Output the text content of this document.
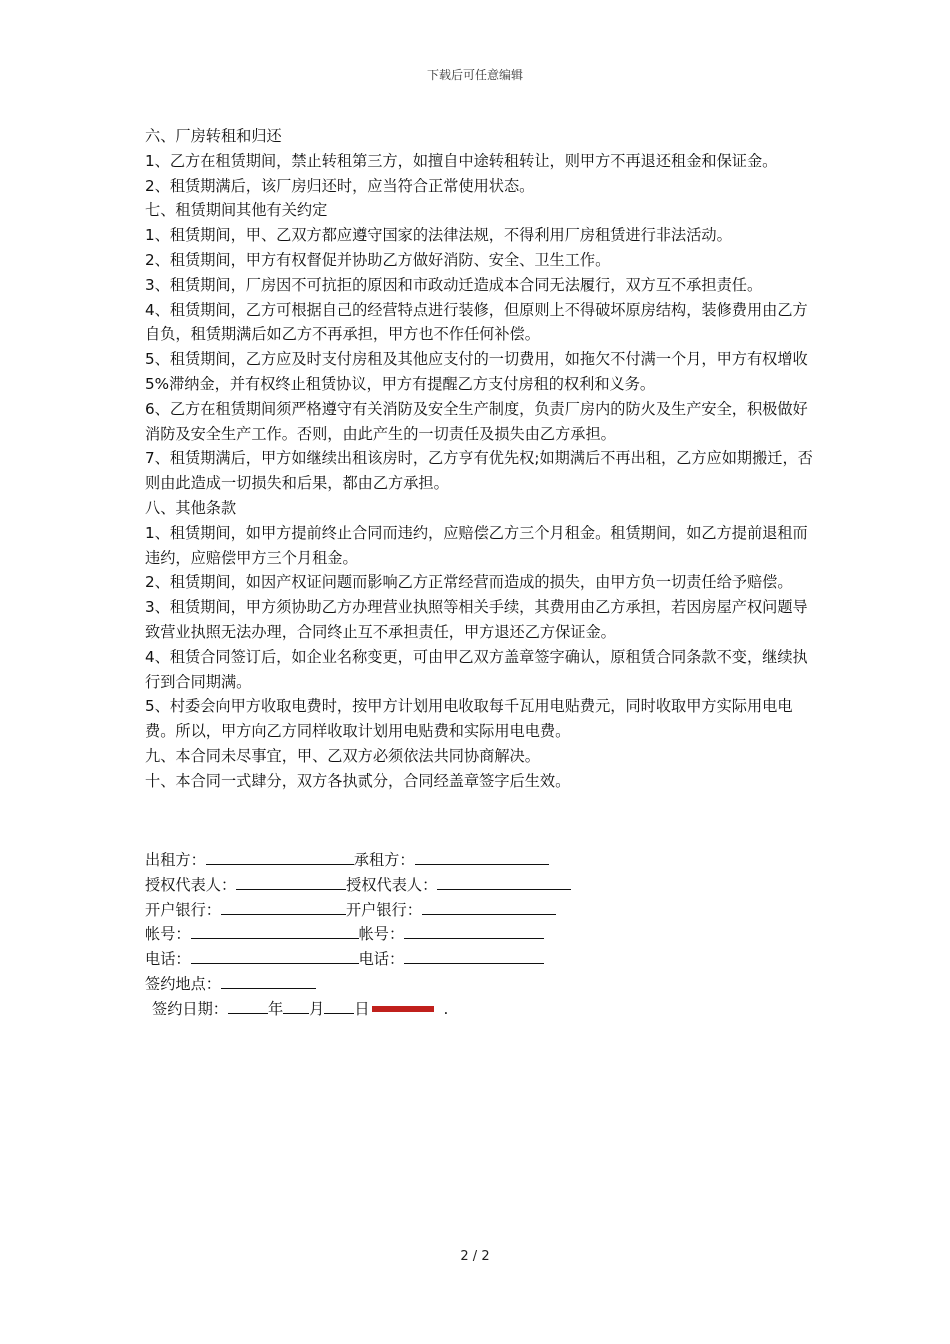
下载后可任意编辑

六、厂房转租和归还

1、乙方在租赁期间，禁止转租第三方，如擅自中途转租转让，则甲方不再退还租金和保证金。

2、租赁期满后，该厂房归还时，应当符合正常使用状态。

七、租赁期间其他有关约定

1、租赁期间，甲、乙双方都应遵守国家的法律法规，不得利用厂房租赁进行非法活动。

2、租赁期间，甲方有权督促并协助乙方做好消防、安全、卫生工作。

3、租赁期间，厂房因不可抗拒的原因和市政动迁造成本合同无法履行，双方互不承担责任。

4、租赁期间，乙方可根据自己的经营特点进行装修，但原则上不得破坏原房结构，装修费用由乙方自负，租赁期满后如乙方不再承担，甲方也不作任何补偿。

5、租赁期间，乙方应及时支付房租及其他应支付的一切费用，如拖欠不付满一个月，甲方有权增收5%滞纳金，并有权终止租赁协议，甲方有提醒乙方支付房租的权利和义务。

6、乙方在租赁期间须严格遵守有关消防及安全生产制度，负责厂房内的防火及生产安全，积极做好消防及安全生产工作。否则，由此产生的一切责任及损失由乙方承担。

7、租赁期满后，甲方如继续出租该房时，乙方亨有优先权;如期满后不再出租，乙方应如期搬迁，否则由此造成一切损失和后果，都由乙方承担。

八、其他条款

1、租赁期间，如甲方提前终止合同而违约，应赔偿乙方三个月租金。租赁期间，如乙方提前退租而违约，应赔偿甲方三个月租金。

2、租赁期间，如因产权证问题而影响乙方正常经营而造成的损失，由甲方负一切责任给予赔偿。

3、租赁期间，甲方须协助乙方办理营业执照等相关手续，其费用由乙方承担，若因房屋产权问题导致营业执照无法办理，合同终止互不承担责任，甲方退还乙方保证金。

4、租赁合同签订后，如企业名称变更，可由甲乙双方盖章签字确认，原租赁合同条款不变，继续执行到合同期满。

5、村委会向甲方收取电费时，按甲方计划用电收取每千瓦用电贴费元，同时收取甲方实际用电电费。所以，甲方向乙方同样收取计划用电贴费和实际用电电费。

九、本合同未尽事宜，甲、乙双方必须依法共同协商解决。

十、本合同一式肆分，双方各执贰分，合同经盖章签字后生效。

出租方：	承租方：
授权代表人：	授权代表人：
开户银行：	开户银行：
帐号：	帐号：
电话：	电话：
签约地点：
签约日期：	年 月 日	.
2 / 2
